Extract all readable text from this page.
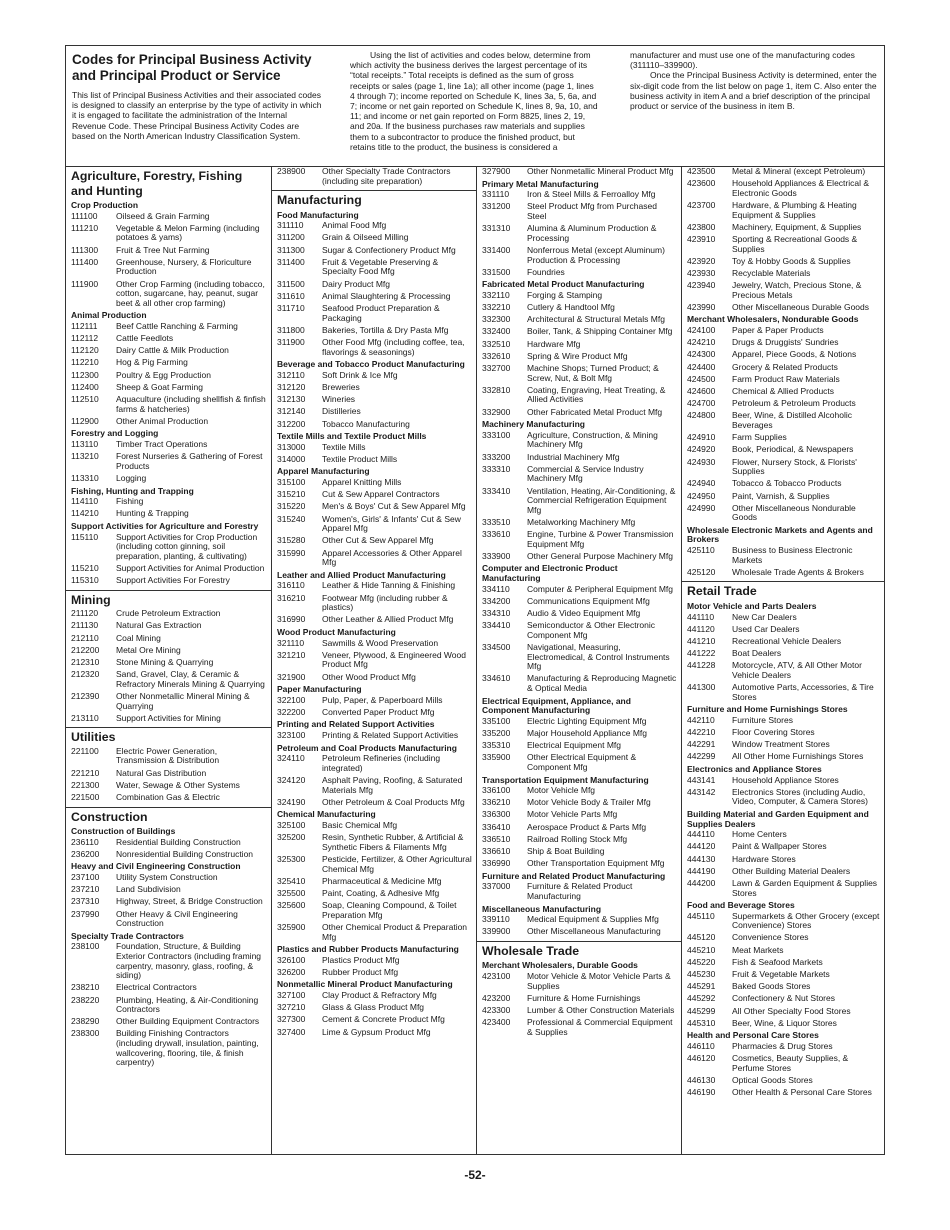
Codes for Principal Business Activity and Principal Product or Service

This list of Principal Business Activities and their associated codes is designed to classify an enterprise by the type of activity in which it is engaged to facilitate the administration of the Internal Revenue Code. These Principal Business Activity Codes are based on the North American Industry Classification System.

Using the list of activities and codes below, determine from which activity the business derives the largest percentage of its “total receipts.” Total receipts is defined as the sum of gross receipts or sales (page 1, line 1a); all other income (page 1, lines 4 through 7); income reported on Schedule K, lines 3a, 5, 6a, and 7; income or net gain reported on Schedule K, lines 8, 9a, 10, and 11; and income or net gain reported on Form 8825, lines 2, 19, and 20a. If the business purchases raw materials and supplies them to a subcontractor to produce the finished product, but retains title to the product, the business is considered a

manufacturer and must use one of the manufacturing codes (311110–339900).

Once the Principal Business Activity is determined, enter the six-digit code from the list below on page 1, item C. Also enter the business activity in item A and a brief description of the principal product or service of the business in item B.

Agriculture, Forestry, Fishing and Hunting
Crop Production
111100	Oilseed & Grain Farming
111210	Vegetable & Melon Farming (including potatoes & yams)
111300	Fruit & Tree Nut Farming
111400	Greenhouse, Nursery, & Floriculture Production
111900	Other Crop Farming (including tobacco, cotton, sugarcane, hay, peanut, sugar beet & all other crop farming)
Animal Production
112111	Beef Cattle Ranching & Farming
112112	Cattle Feedlots
112120	Dairy Cattle & Milk Production
112210	Hog & Pig Farming
112300	Poultry & Egg Production
112400	Sheep & Goat Farming
112510	Aquaculture (including shellfish & finfish farms & hatcheries)
112900	Other Animal Production
Forestry and Logging
113110	Timber Tract Operations
113210	Forest Nurseries & Gathering of Forest Products
113310	Logging
Fishing, Hunting and Trapping
114110	Fishing
114210	Hunting & Trapping
Support Activities for Agriculture and Forestry
115110	Support Activities for Crop Production (including cotton ginning, soil preparation, planting, & cultivating)
115210	Support Activities for Animal Production
115310	Support Activities For Forestry
Mining
211120	Crude Petroleum Extraction
211130	Natural Gas Extraction
212110	Coal Mining
212200	Metal Ore Mining
212310	Stone Mining & Quarrying
212320	Sand, Gravel, Clay, & Ceramic & Refractory Minerals Mining & Quarrying
212390	Other Nonmetallic Mineral Mining & Quarrying
213110	Support Activities for Mining
Utilities
221100	Electric Power Generation, Transmission & Distribution
221210	Natural Gas Distribution
221300	Water, Sewage & Other Systems
221500	Combination Gas & Electric
Construction
Construction of Buildings
236110	Residential Building Construction
236200	Nonresidential Building Construction
Heavy and Civil Engineering Construction
237100	Utility System Construction
237210	Land Subdivision
237310	Highway, Street, & Bridge Construction
237990	Other Heavy & Civil Engineering Construction
Specialty Trade Contractors
238100	Foundation, Structure, & Building Exterior Contractors (including framing carpentry, masonry, glass, roofing, & siding)
238210	Electrical Contractors
238220	Plumbing, Heating, & Air-Conditioning Contractors
238290	Other Building Equipment Contractors
238300	Building Finishing Contractors (including drywall, insulation, painting, wallcovering, flooring, tile, & finish carpentry)
238900	Other Specialty Trade Contractors (including site preparation)
Manufacturing
Food Manufacturing
311110	Animal Food Mfg
311200	Grain & Oilseed Milling
311300	Sugar & Confectionery Product Mfg
311400	Fruit & Vegetable Preserving & Specialty Food Mfg
311500	Dairy Product Mfg
311610	Animal Slaughtering & Processing
311710	Seafood Product Preparation & Packaging
311800	Bakeries, Tortilla & Dry Pasta Mfg
311900	Other Food Mfg (including coffee, tea, flavorings & seasonings)
Beverage and Tobacco Product Manufacturing
312110	Soft Drink & Ice Mfg
312120	Breweries
312130	Wineries
312140	Distilleries
312200	Tobacco Manufacturing
Textile Mills and Textile Product Mills
313000	Textile Mills
314000	Textile Product Mills
Apparel Manufacturing
315100	Apparel Knitting Mills
315210	Cut & Sew Apparel Contractors
315220	Men's & Boys' Cut & Sew Apparel Mfg
315240	Women's, Girls' & Infants' Cut & Sew Apparel Mfg
315280	Other Cut & Sew Apparel Mfg
315990	Apparel Accessories & Other Apparel Mfg
Leather and Allied Product Manufacturing
316110	Leather & Hide Tanning & Finishing
316210	Footwear Mfg (including rubber & plastics)
316990	Other Leather & Allied Product Mfg
Wood Product Manufacturing
321110	Sawmills & Wood Preservation
321210	Veneer, Plywood, & Engineered Wood Product Mfg
321900	Other Wood Product Mfg
Paper Manufacturing
322100	Pulp, Paper, & Paperboard Mills
322200	Converted Paper Product Mfg
Printing and Related Support Activities
323100	Printing & Related Support Activities
Petroleum and Coal Products Manufacturing
324110	Petroleum Refineries (including integrated)
324120	Asphalt Paving, Roofing, & Saturated Materials Mfg
324190	Other Petroleum & Coal Products Mfg
Chemical Manufacturing
325100	Basic Chemical Mfg
325200	Resin, Synthetic Rubber, & Artificial & Synthetic Fibers & Filaments Mfg
325300	Pesticide, Fertilizer, & Other Agricultural Chemical Mfg
325410	Pharmaceutical & Medicine Mfg
325500	Paint, Coating, & Adhesive Mfg
325600	Soap, Cleaning Compound, & Toilet Preparation Mfg
325900	Other Chemical Product & Preparation Mfg
Plastics and Rubber Products Manufacturing
326100	Plastics Product Mfg
326200	Rubber Product Mfg
Nonmetallic Mineral Product Manufacturing
327100	Clay Product & Refractory Mfg
327210	Glass & Glass Product Mfg
327300	Cement & Concrete Product Mfg
327400	Lime & Gypsum Product Mfg
327900	Other Nonmetallic Mineral Product Mfg
Primary Metal Manufacturing
331110	Iron & Steel Mills & Ferroalloy Mfg
331200	Steel Product Mfg from Purchased Steel
331310	Alumina & Aluminum Production & Processing
331400	Nonferrous Metal (except Aluminum) Production & Processing
331500	Foundries
Fabricated Metal Product Manufacturing
332110	Forging & Stamping
332210	Cutlery & Handtool Mfg
332300	Architectural & Structural Metals Mfg
332400	Boiler, Tank, & Shipping Container Mfg
332510	Hardware Mfg
332610	Spring & Wire Product Mfg
332700	Machine Shops; Turned Product; & Screw, Nut, & Bolt Mfg
332810	Coating, Engraving, Heat Treating, & Allied Activities
332900	Other Fabricated Metal Product Mfg
Machinery Manufacturing
333100	Agriculture, Construction, & Mining Machinery Mfg
333200	Industrial Machinery Mfg
333310	Commercial & Service Industry Machinery Mfg
333410	Ventilation, Heating, Air-Conditioning, & Commercial Refrigeration Equipment Mfg
333510	Metalworking Machinery Mfg
333610	Engine, Turbine & Power Transmission Equipment Mfg
333900	Other General Purpose Machinery Mfg
Computer and Electronic Product Manufacturing
334110	Computer & Peripheral Equipment Mfg
334200	Communications Equipment Mfg
334310	Audio & Video Equipment Mfg
334410	Semiconductor & Other Electronic Component Mfg
334500	Navigational, Measuring, Electromedical, & Control Instruments Mfg
334610	Manufacturing & Reproducing Magnetic & Optical Media
Electrical Equipment, Appliance, and Component Manufacturing
335100	Electric Lighting Equipment Mfg
335200	Major Household Appliance Mfg
335310	Electrical Equipment Mfg
335900	Other Electrical Equipment & Component Mfg
Transportation Equipment Manufacturing
336100	Motor Vehicle Mfg
336210	Motor Vehicle Body & Trailer Mfg
336300	Motor Vehicle Parts Mfg
336410	Aerospace Product & Parts Mfg
336510	Railroad Rolling Stock Mfg
336610	Ship & Boat Building
336990	Other Transportation Equipment Mfg
Furniture and Related Product Manufacturing
337000	Furniture & Related Product Manufacturing
Miscellaneous Manufacturing
339110	Medical Equipment & Supplies Mfg
339900	Other Miscellaneous Manufacturing
Wholesale Trade
Merchant Wholesalers, Durable Goods
423100	Motor Vehicle & Motor Vehicle Parts & Supplies
423200	Furniture & Home Furnishings
423300	Lumber & Other Construction Materials
423400	Professional & Commercial Equipment & Supplies
423500	Metal & Mineral (except Petroleum)
423600	Household Appliances & Electrical & Electronic Goods
423700	Hardware, & Plumbing & Heating Equipment & Supplies
423800	Machinery, Equipment, & Supplies
423910	Sporting & Recreational Goods & Supplies
423920	Toy & Hobby Goods & Supplies
423930	Recyclable Materials
423940	Jewelry, Watch, Precious Stone, & Precious Metals
423990	Other Miscellaneous Durable Goods
Merchant Wholesalers, Nondurable Goods
424100	Paper & Paper Products
424210	Drugs & Druggists' Sundries
424300	Apparel, Piece Goods, & Notions
424400	Grocery & Related Products
424500	Farm Product Raw Materials
424600	Chemical & Allied Products
424700	Petroleum & Petroleum Products
424800	Beer, Wine, & Distilled Alcoholic Beverages
424910	Farm Supplies
424920	Book, Periodical, & Newspapers
424930	Flower, Nursery Stock, & Florists' Supplies
424940	Tobacco & Tobacco Products
424950	Paint, Varnish, & Supplies
424990	Other Miscellaneous Nondurable Goods
Wholesale Electronic Markets and Agents and Brokers
425110	Business to Business Electronic Markets
425120	Wholesale Trade Agents & Brokers
Retail Trade
Motor Vehicle and Parts Dealers
441110	New Car Dealers
441120	Used Car Dealers
441210	Recreational Vehicle Dealers
441222	Boat Dealers
441228	Motorcycle, ATV, & All Other Motor Vehicle Dealers
441300	Automotive Parts, Accessories, & Tire Stores
Furniture and Home Furnishings Stores
442110	Furniture Stores
442210	Floor Covering Stores
442291	Window Treatment Stores
442299	All Other Home Furnishings Stores
Electronics and Appliance Stores
443141	Household Appliance Stores
443142	Electronics Stores (including Audio, Video, Computer, & Camera Stores)
Building Material and Garden Equipment and Supplies Dealers
444110	Home Centers
444120	Paint & Wallpaper Stores
444130	Hardware Stores
444190	Other Building Material Dealers
444200	Lawn & Garden Equipment & Supplies Stores
Food and Beverage Stores
445110	Supermarkets & Other Grocery (except Convenience) Stores
445120	Convenience Stores
445210	Meat Markets
445220	Fish & Seafood Markets
445230	Fruit & Vegetable Markets
445291	Baked Goods Stores
445292	Confectionery & Nut Stores
445299	All Other Specialty Food Stores
445310	Beer, Wine, & Liquor Stores
Health and Personal Care Stores
446110	Pharmacies & Drug Stores
446120	Cosmetics, Beauty Supplies, & Perfume Stores
446130	Optical Goods Stores
446190	Other Health & Personal Care Stores
-52-
